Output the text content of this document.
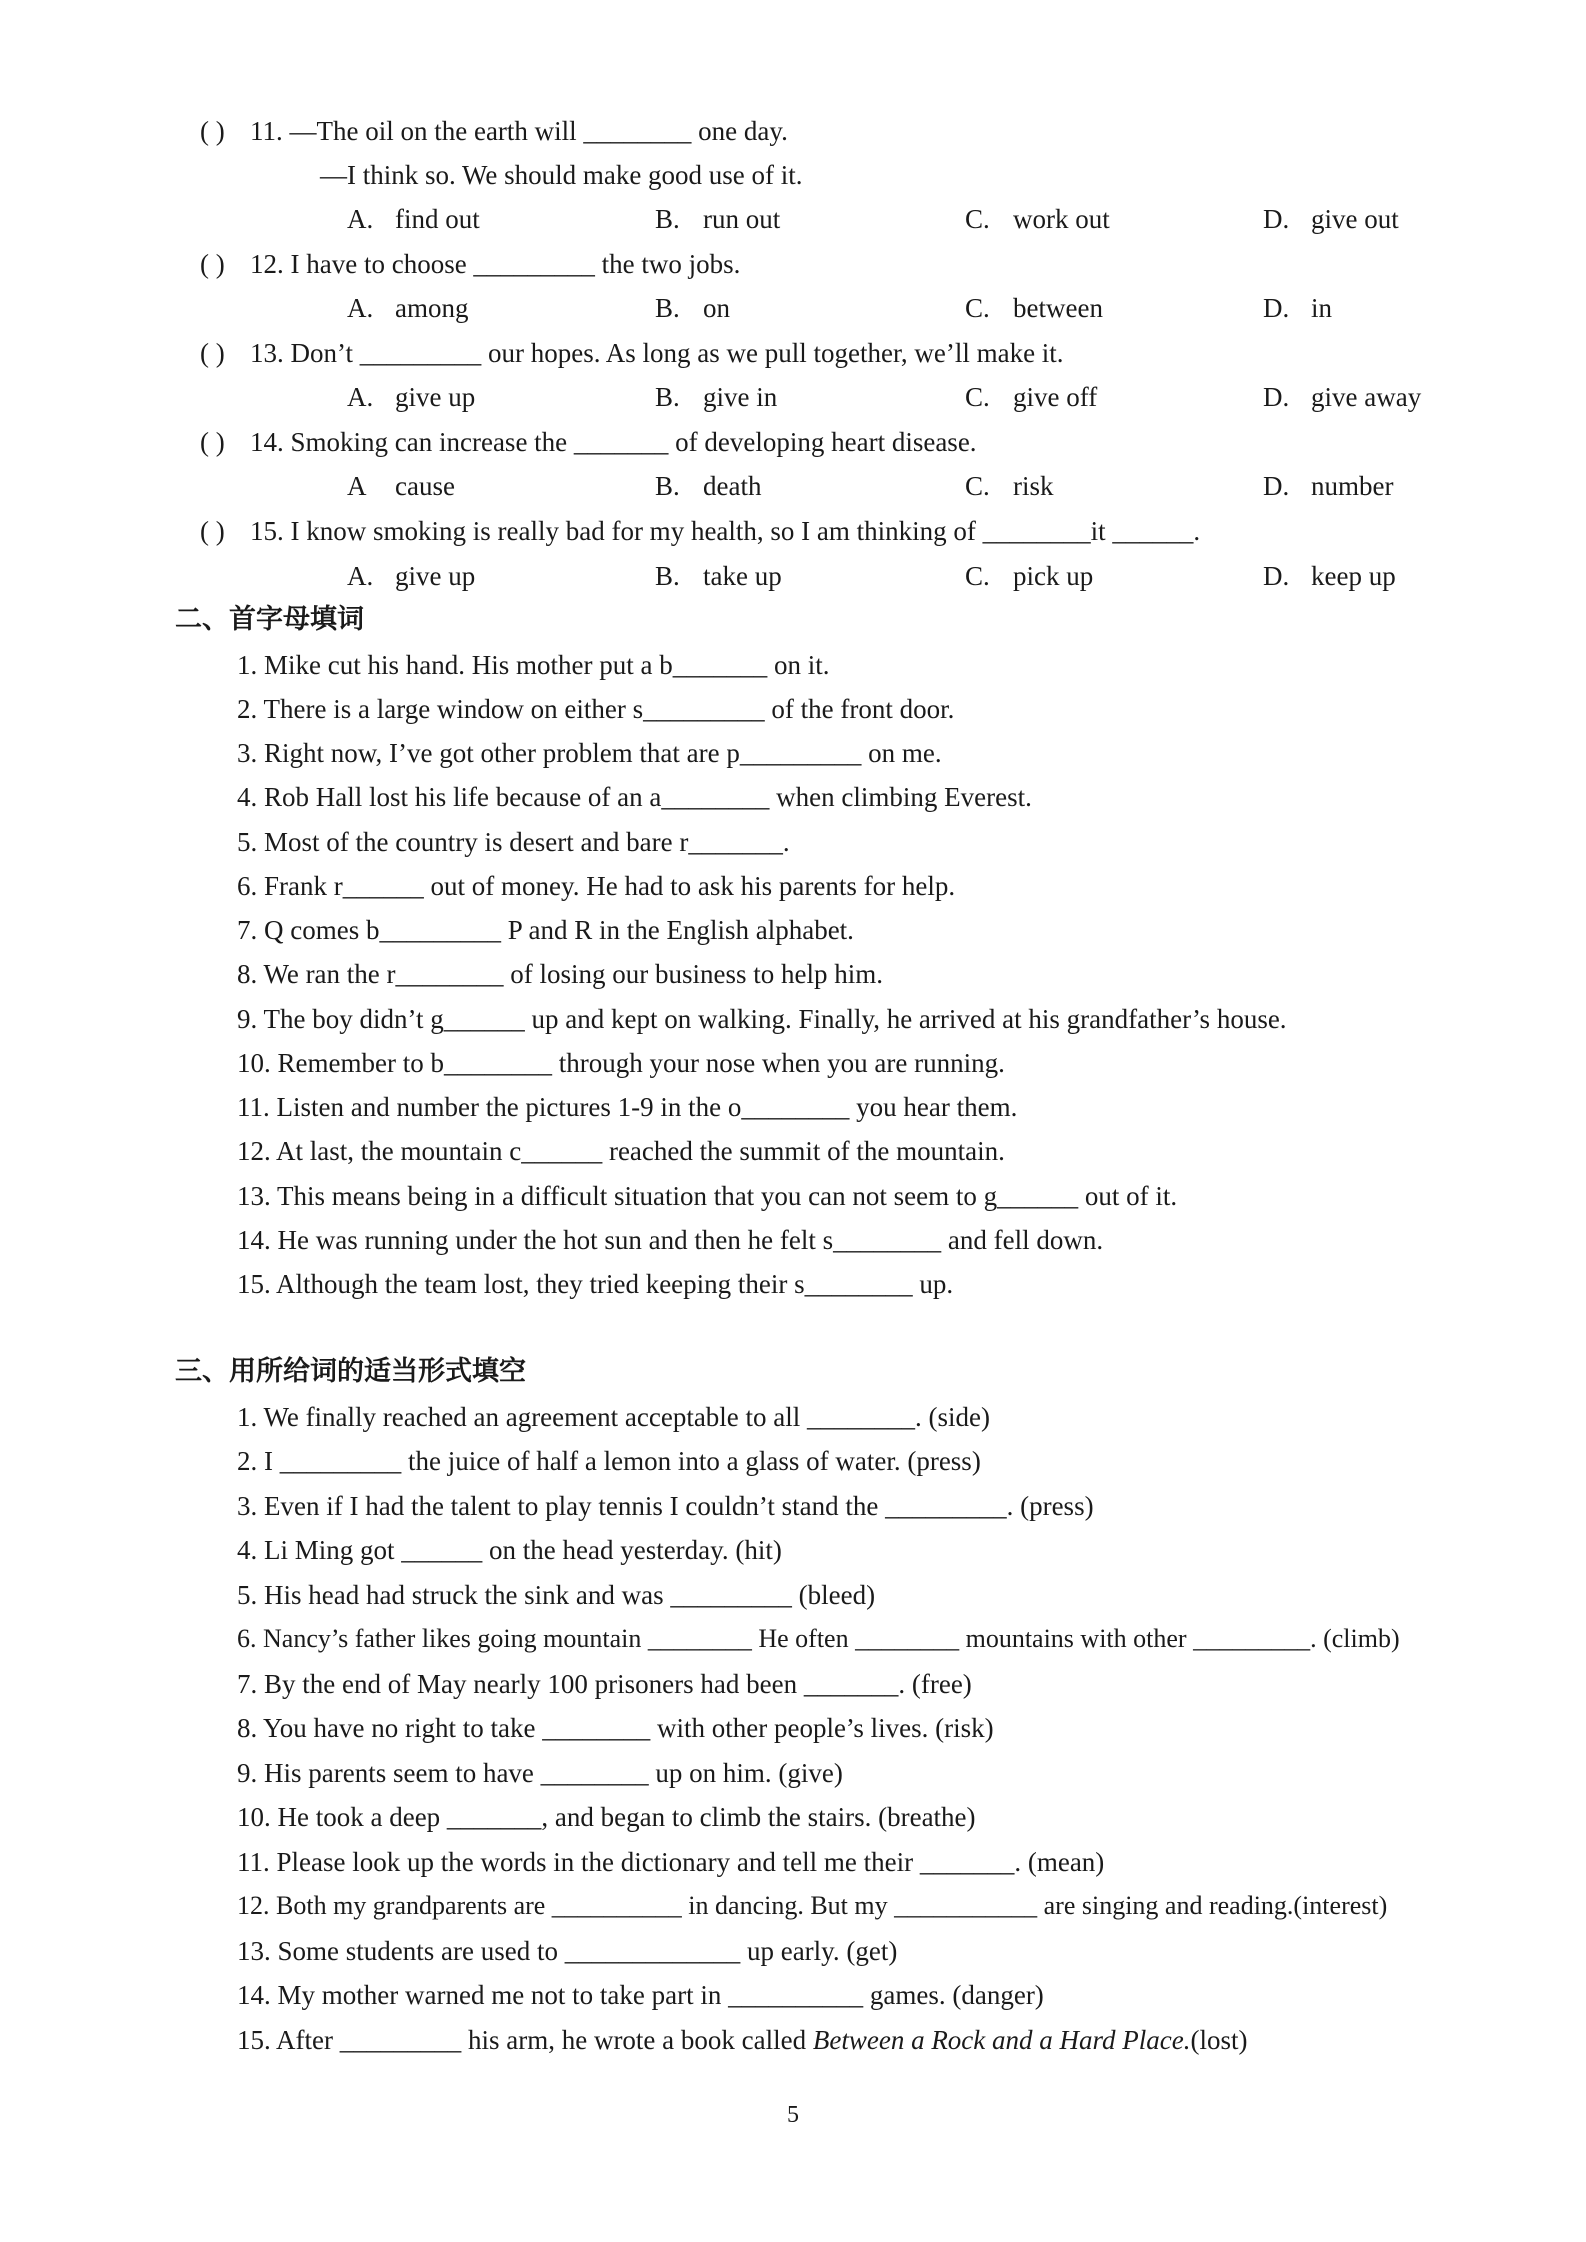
( ) 11. —The oil on the earth will ________ one day.
—I think so. We should make good use of it.
A. find out	B. run out	C. work out	D. give out
( ) 12. I have to choose _________ the two jobs.
A. among	B. on	C. between	D. in
( ) 13. Don’t _________ our hopes. As long as we pull together, we’ll make it.
A. give up	B. give in	C. give off	D. give away
( ) 14. Smoking can increase the _______ of developing heart disease.
A cause	B. death	C. risk	D. number
( ) 15. I know smoking is really bad for my health, so I am thinking of ________it ______.
A. give up	B. take up	C. pick up	D. keep up
二、首字母填词
1. Mike cut his hand. His mother put a b_______ on it.
2. There is a large window on either s_________ of the front door.
3. Right now, I’ve got other problem that are p_________ on me.
4. Rob Hall lost his life because of an a________ when climbing Everest.
5. Most of the country is desert and bare r_______.
6. Frank r______ out of money. He had to ask his parents for help.
7. Q comes b_________ P and R in the English alphabet.
8. We ran the r________ of losing our business to help him.
9. The boy didn’t g______ up and kept on walking. Finally, he arrived at his grandfather’s house.
10. Remember to b________ through your nose when you are running.
11. Listen and number the pictures 1-9 in the o________ you hear them.
12. At last, the mountain c______ reached the summit of the mountain.
13. This means being in a difficult situation that you can not seem to g______ out of it.
14. He was running under the hot sun and then he felt s________ and fell down.
15. Although the team lost, they tried keeping their s________ up.
三、用所给词的适当形式填空
1. We finally reached an agreement acceptable to all ________. (side)
2. I _________ the juice of half a lemon into a glass of water. (press)
3. Even if I had the talent to play tennis I couldn’t stand the _________. (press)
4. Li Ming got ______ on the head yesterday. (hit)
5. His head had struck the sink and was _________ (bleed)
6. Nancy’s father likes going mountain ________ He often ________ mountains with other _________. (climb)
7. By the end of May nearly 100 prisoners had been _______. (free)
8. You have no right to take ________ with other people’s lives. (risk)
9. His parents seem to have ________ up on him. (give)
10. He took a deep _______, and began to climb the stairs. (breathe)
11. Please look up the words in the dictionary and tell me their _______. (mean)
12. Both my grandparents are __________ in dancing. But my ___________ are singing and reading.(interest)
13. Some students are used to _____________ up early. (get)
14. My mother warned me not to take part in __________ games. (danger)
15. After _________ his arm, he wrote a book called Between a Rock and a Hard Place.(lost)
5
